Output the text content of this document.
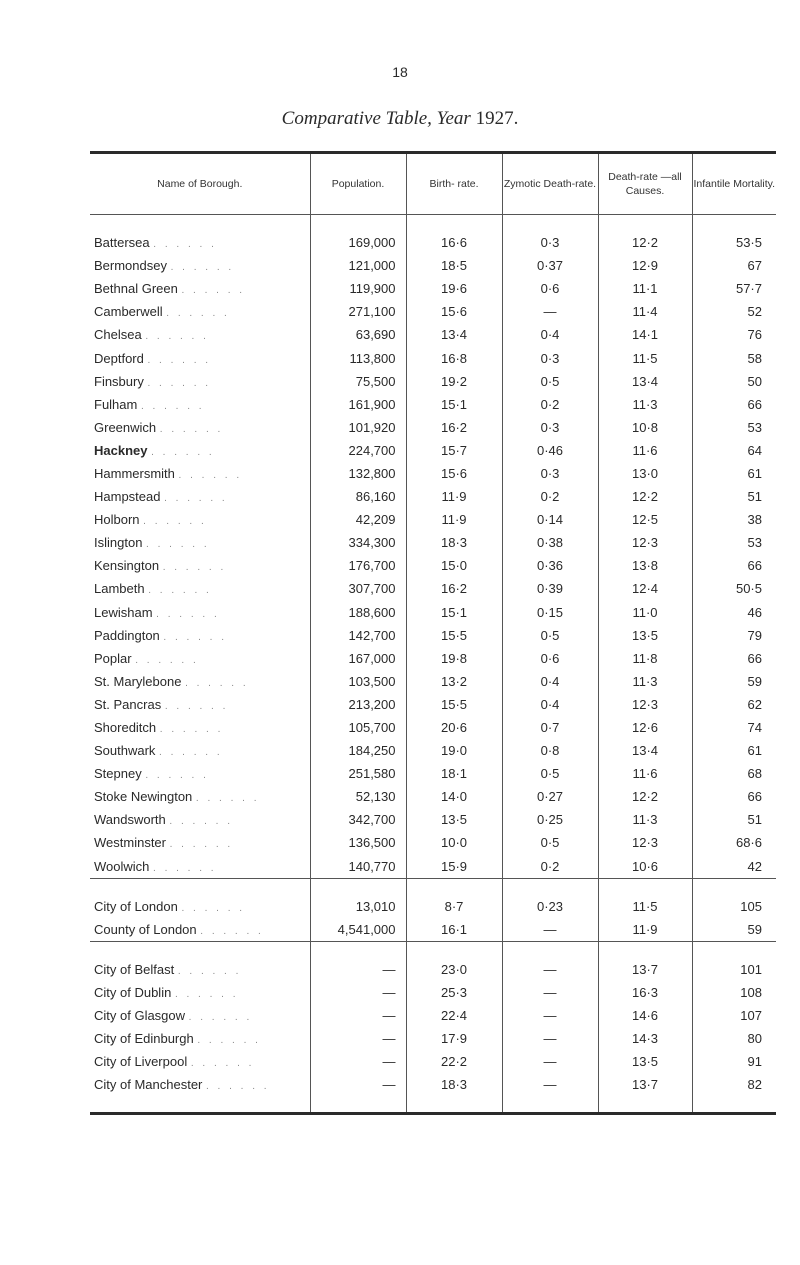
18
Comparative Table, Year 1927.
Name of Borough.	Population.	Birth- rate.	Zymotic Death-rate.	Death-rate —all Causes.	Infantile Mortality.

Battersea . . . . . .	169,000	16·6	0·3	12·2	53·5
Bermondsey . . . . . .	121,000	18·5	0·37	12·9	67
Bethnal Green . . . . . .	119,900	19·6	0·6	11·1	57·7
Camberwell . . . . . .	271,100	15·6	—	11·4	52
Chelsea . . . . . .	63,690	13·4	0·4	14·1	76
Deptford . . . . . .	113,800	16·8	0·3	11·5	58
Finsbury . . . . . .	75,500	19·2	0·5	13·4	50
Fulham . . . . . .	161,900	15·1	0·2	11·3	66
Greenwich . . . . . .	101,920	16·2	0·3	10·8	53
Hackney . . . . . .	224,700	15·7	0·46	11·6	64
Hammersmith . . . . . .	132,800	15·6	0·3	13·0	61
Hampstead . . . . . .	86,160	11·9	0·2	12·2	51
Holborn . . . . . .	42,209	11·9	0·14	12·5	38
Islington . . . . . .	334,300	18·3	0·38	12·3	53
Kensington . . . . . .	176,700	15·0	0·36	13·8	66
Lambeth . . . . . .	307,700	16·2	0·39	12·4	50·5
Lewisham . . . . . .	188,600	15·1	0·15	11·0	46
Paddington . . . . . .	142,700	15·5	0·5	13·5	79
Poplar . . . . . .	167,000	19·8	0·6	11·8	66
St. Marylebone . . . . . .	103,500	13·2	0·4	11·3	59
St. Pancras . . . . . .	213,200	15·5	0·4	12·3	62
Shoreditch . . . . . .	105,700	20·6	0·7	12·6	74
Southwark . . . . . .	184,250	19·0	0·8	13·4	61
Stepney . . . . . .	251,580	18·1	0·5	11·6	68
Stoke Newington . . . . . .	52,130	14·0	0·27	12·2	66
Wandsworth . . . . . .	342,700	13·5	0·25	11·3	51
Westminster . . . . . .	136,500	10·0	0·5	12·3	68·6
Woolwich . . . . . .	140,770	15·9	0·2	10·6	42

City of London . . . . . .	13,010	8·7	0·23	11·5	105
County of London . . . . . .	4,541,000	16·1	—	11·9	59

City of Belfast . . . . . .	—	23·0	—	13·7	101
City of Dublin . . . . . .	—	25·3	—	16·3	108
City of Glasgow . . . . . .	—	22·4	—	14·6	107
City of Edinburgh . . . . . .	—	17·9	—	14·3	80
City of Liverpool . . . . . .	—	22·2	—	13·5	91
City of Manchester . . . . . .	—	18·3	—	13·7	82
